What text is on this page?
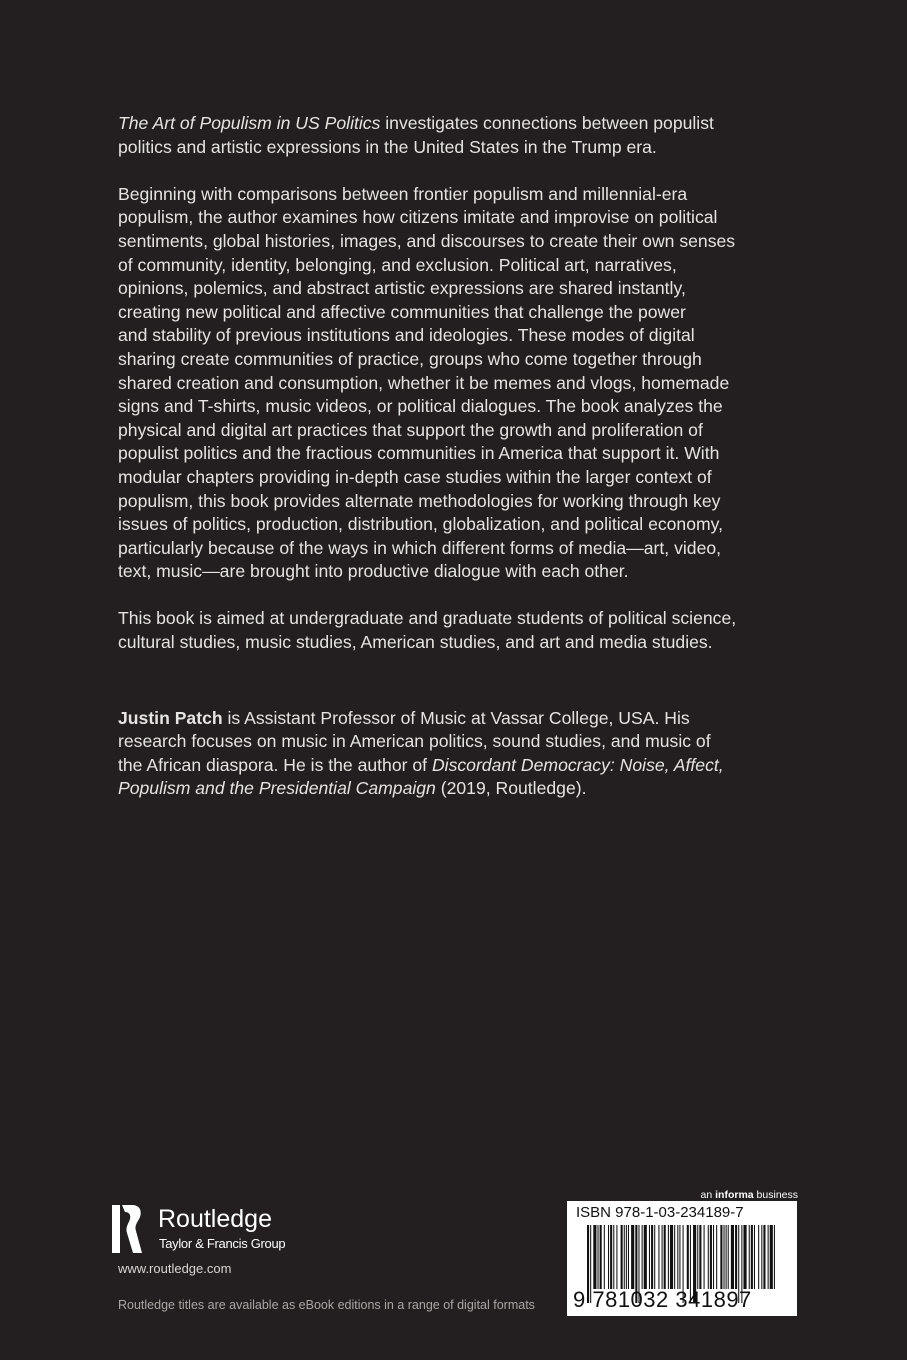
The Art of Populism in US Politics investigates connections between populist
politics and artistic expressions in the United States in the Trump era.
Beginning with comparisons between frontier populism and millennial-era
populism, the author examines how citizens imitate and improvise on political
sentiments, global histories, images, and discourses to create their own senses
of community, identity, belonging, and exclusion. Political art, narratives,
opinions, polemics, and abstract artistic expressions are shared instantly,
creating new political and affective communities that challenge the power
and stability of previous institutions and ideologies. These modes of digital
sharing create communities of practice, groups who come together through
shared creation and consumption, whether it be memes and vlogs, homemade
signs and T-shirts, music videos, or political dialogues. The book analyzes the
physical and digital art practices that support the growth and proliferation of
populist politics and the fractious communities in America that support it. With
modular chapters providing in-depth case studies within the larger context of
populism, this book provides alternate methodologies for working through key
issues of politics, production, distribution, globalization, and political economy,
particularly because of the ways in which different forms of media—art, video,
text, music—are brought into productive dialogue with each other.
This book is aimed at undergraduate and graduate students of political science,
cultural studies, music studies, American studies, and art and media studies.
Justin Patch is Assistant Professor of Music at Vassar College, USA. His
research focuses on music in American politics, sound studies, and music of
the African diaspora. He is the author of Discordant Democracy: Noise, Affect,
Populism and the Presidential Campaign (2019, Routledge).
Routledge
Taylor & Francis Group
www.routledge.com
Routledge titles are available as eBook editions in a range of digital formats
an informa business
ISBN 978-1-03-234189-7
9 781032 341897
